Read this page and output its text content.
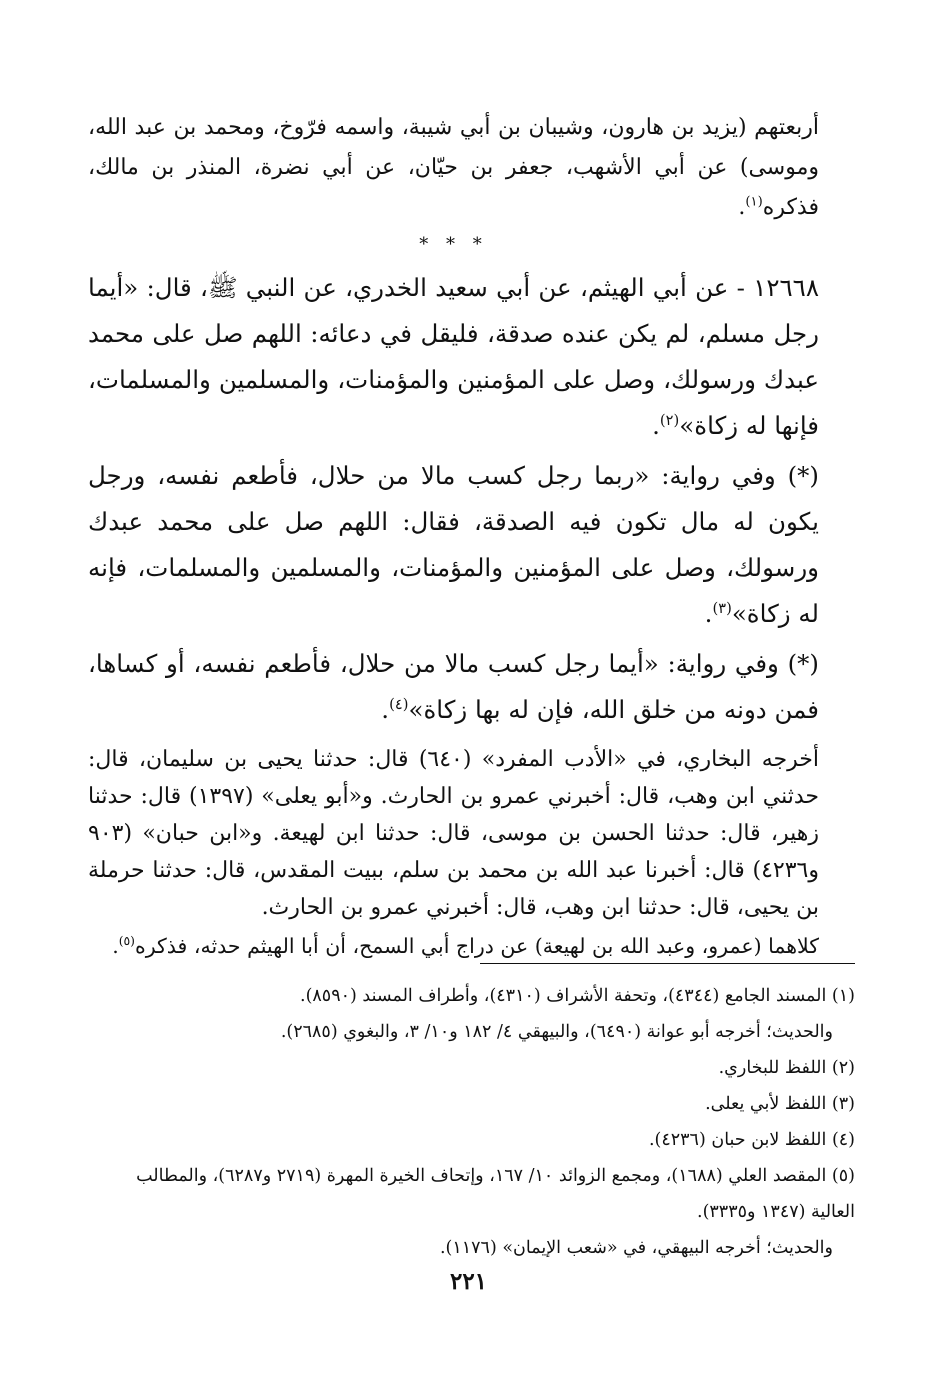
أربعتهم (يزيد بن هارون، وشيبان بن أبي شيبة، واسمه فرّوخ، ومحمد بن عبد الله، وموسى) عن أبي الأشهب، جعفر بن حيّان، عن أبي نضرة، المنذر بن مالك، فذكره$^{(١)}$.

* * *

١٢٦٦٨ - عن أبي الهيثم، عن أبي سعيد الخدري، عن النبي ﷺ، قال: «أيما رجل مسلم، لم يكن عنده صدقة، فليقل في دعائه: اللهم صل على محمد عبدك ورسولك، وصل على المؤمنين والمؤمنات، والمسلمين والمسلمات، فإنها له زكاة»$^{(٢)}$.

(*) وفي رواية: «ربما رجل كسب مالا من حلال، فأطعم نفسه، ورجل يكون له مال تكون فيه الصدقة، فقال: اللهم صل على محمد عبدك ورسولك، وصل على المؤمنين والمؤمنات، والمسلمين والمسلمات، فإنه له زكاة»$^{(٣)}$.

(*) وفي رواية: «أيما رجل كسب مالا من حلال، فأطعم نفسه، أو كساها، فمن دونه من خلق الله، فإن له بها زكاة»$^{(٤)}$.

أخرجه البخاري، في «الأدب المفرد» (٦٤٠) قال: حدثنا يحيى بن سليمان، قال: حدثني ابن وهب، قال: أخبرني عمرو بن الحارث. و«أبو يعلى» (١٣٩٧) قال: حدثنا زهير، قال: حدثنا الحسن بن موسى، قال: حدثنا ابن لهيعة. و«ابن حبان» (٩٠٣ و٤٢٣٦) قال: أخبرنا عبد الله بن محمد بن سلم، ببيت المقدس، قال: حدثنا حرملة بن يحيى، قال: حدثنا ابن وهب، قال: أخبرني عمرو بن الحارث.

كلاهما (عمرو، وعبد الله بن لهيعة) عن دراج أبي السمح، أن أبا الهيثم حدثه، فذكره$^{(٥)}$.

(١) المسند الجامع (٤٣٤٤)، وتحفة الأشراف (٤٣١٠)، وأطراف المسند (٨٥٩٠).

والحديث؛ أخرجه أبو عوانة (٦٤٩٠)، والبيهقي ٤/ ١٨٢ و١٠/ ٣، والبغوي (٢٦٨٥).

(٢) اللفظ للبخاري.

(٣) اللفظ لأبي يعلى.

(٤) اللفظ لابن حبان (٤٢٣٦).

(٥) المقصد العلي (١٦٨٨)، ومجمع الزوائد ١٠/ ١٦٧، وإتحاف الخيرة المهرة (٢٧١٩ و٦٢٨٧)، والمطالب العالية (١٣٤٧ و٣٣٣٥).

والحديث؛ أخرجه البيهقي، في «شعب الإيمان» (١١٧٦).

٢٢١
